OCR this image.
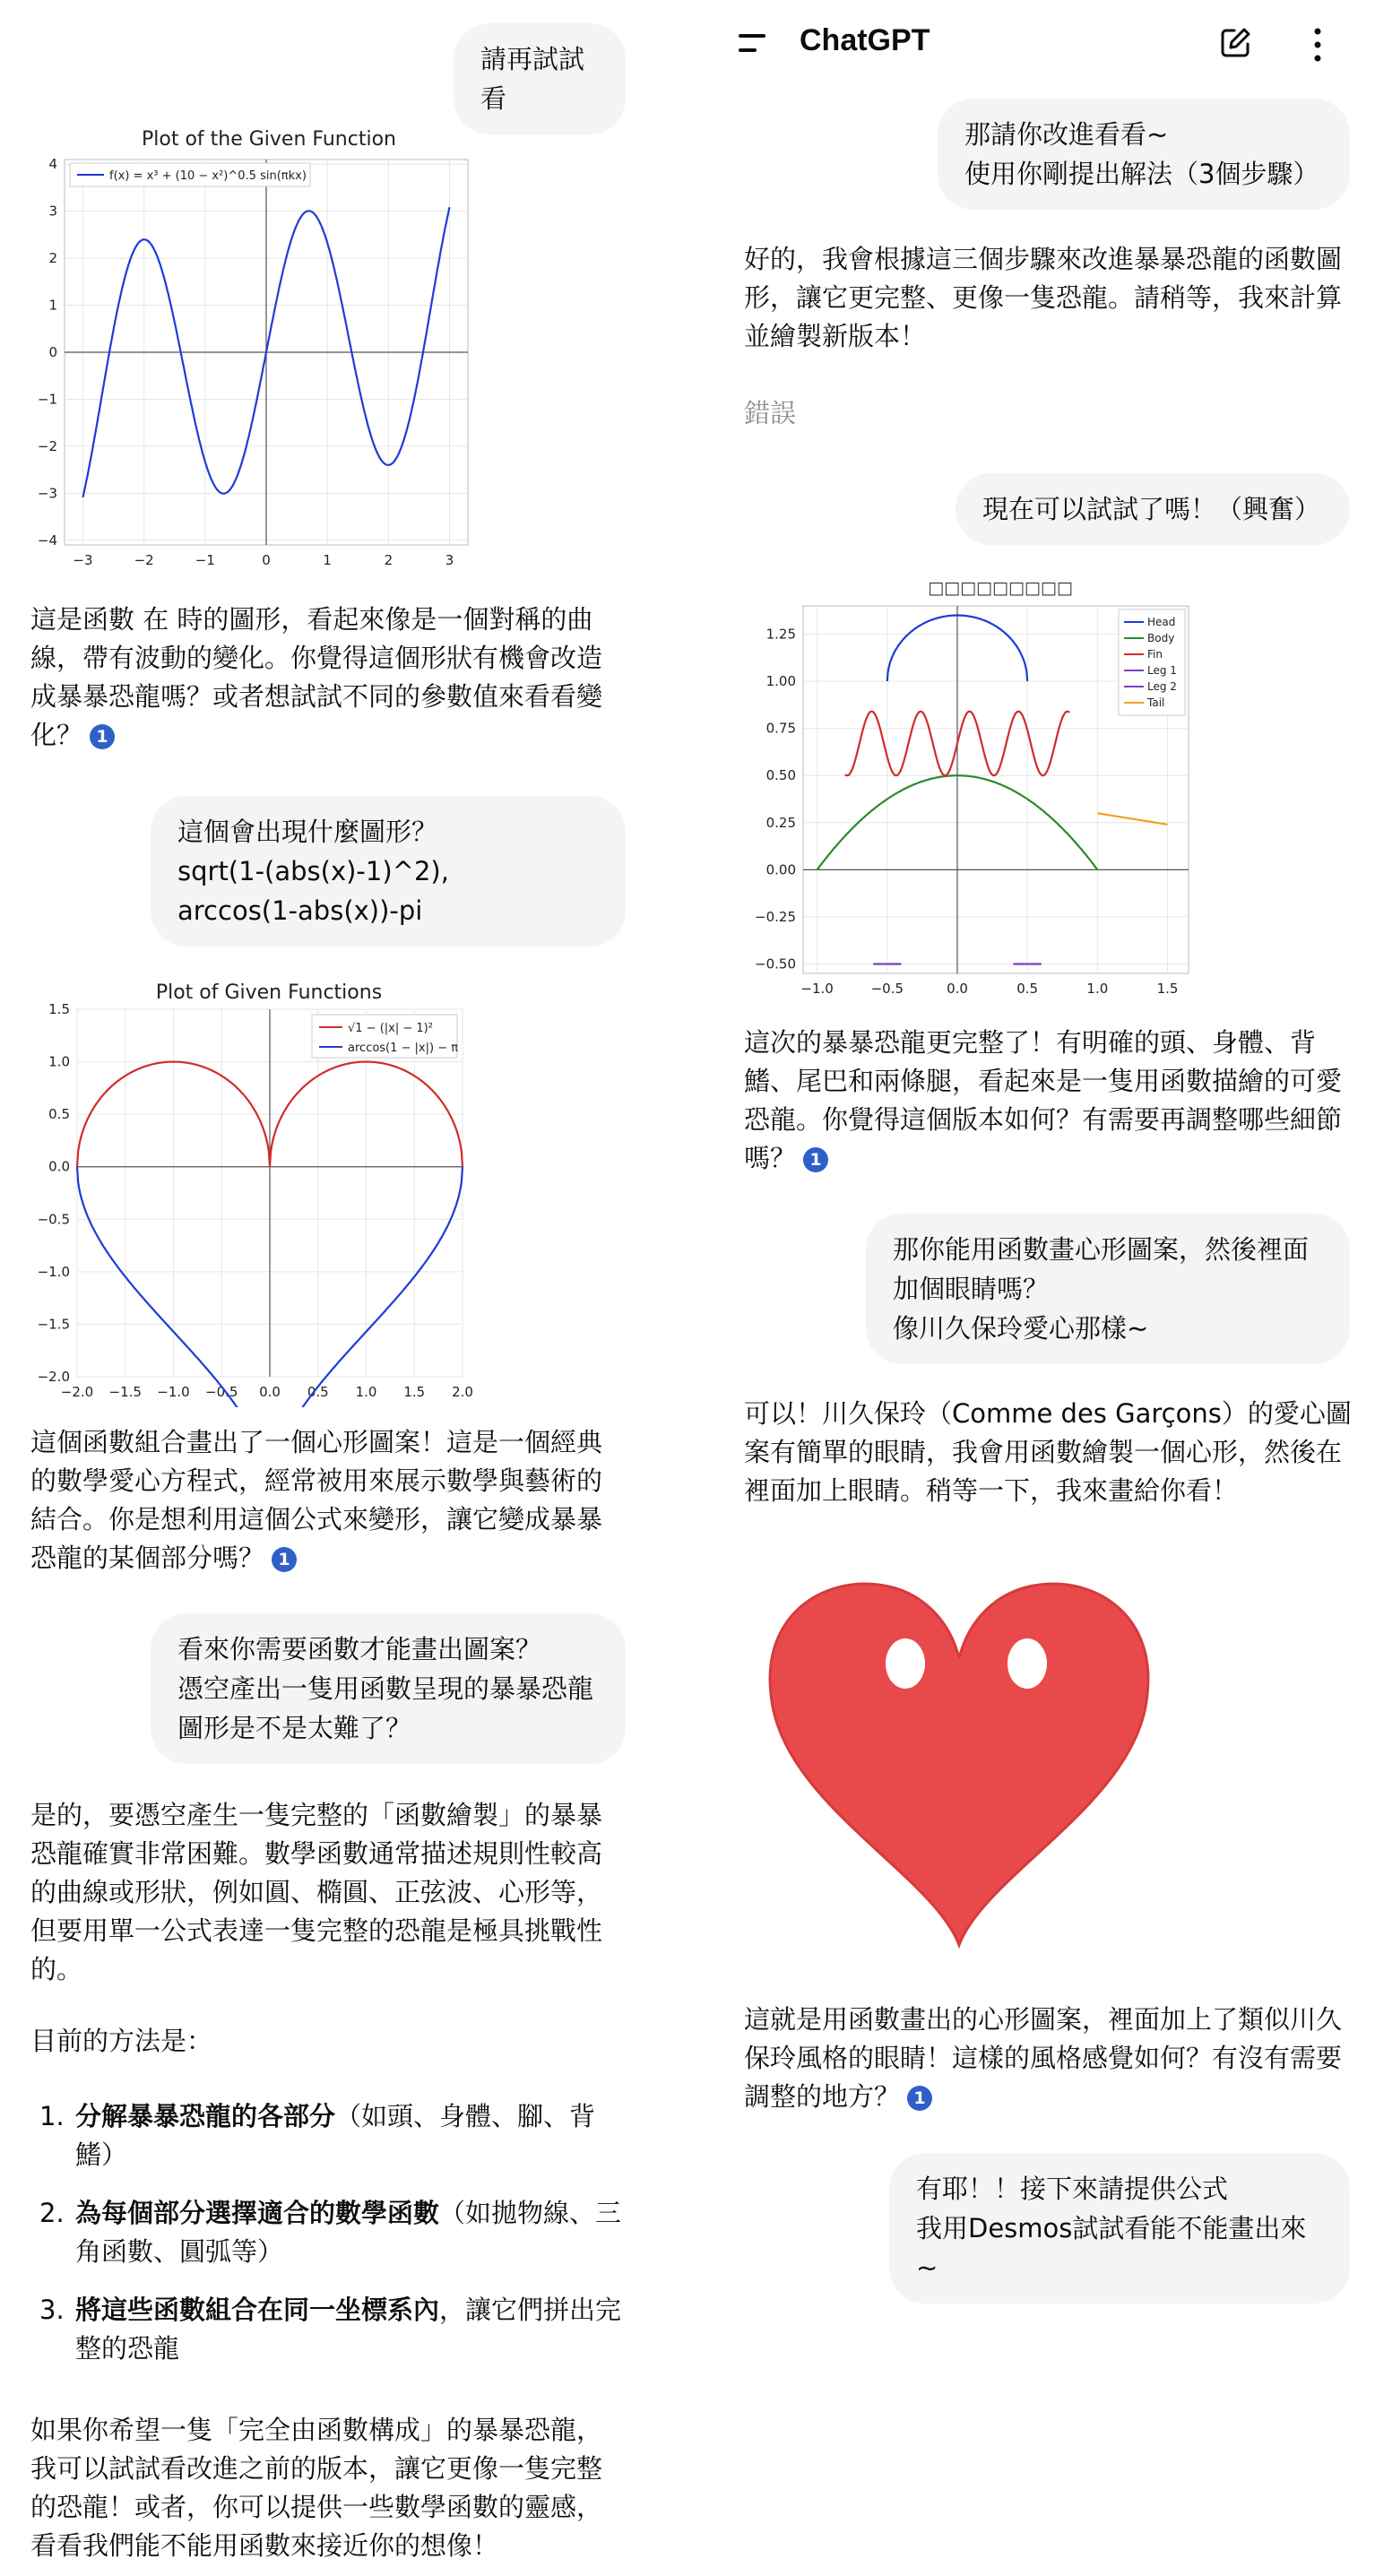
請再試試看
Plot of the Given Function
−3	−2	−1	0	1	2	3
4
3
2
1
0
−1
−2
−3
−4
f(x) = x³ + (10 − x²)^0.5 sin(πkx)
這是函數 在 時的圖形，看起來像是一個對稱的曲線，帶有波動的變化。你覺得這個形狀有機會改造成暴暴恐龍嗎？或者想試試不同的參數值來看看變化？ 1
這個會出現什麼圖形？
sqrt(1-(abs(x)-1)^2),
arccos(1-abs(x))-pi
Plot of Given Functions
−2.0 −1.5 −1.0 −0.5 0.0 0.5 1.0 1.5 2.0
1.5
1.0
0.5
0.0
−0.5
−1.0
−1.5
−2.0
√1 − (|x| − 1)²
arccos(1 − |x|) − π
這個函數組合畫出了一個心形圖案！這是一個經典的數學愛心方程式，經常被用來展示數學與藝術的結合。你是想利用這個公式來變形，讓它變成暴暴恐龍的某個部分嗎？ 1
看來你需要函數才能畫出圖案？
憑空產出一隻用函數呈現的暴暴恐龍圖形是不是太難了？
是的，要憑空產生一隻完整的「函數繪製」的暴暴恐龍確實非常困難。數學函數通常描述規則性較高的曲線或形狀，例如圓、橢圓、正弦波、心形等，但要用單一公式表達一隻完整的恐龍是極具挑戰性的。
目前的方法是：
1. 分解暴暴恐龍的各部分（如頭、身體、腳、背鰭）
2. 為每個部分選擇適合的數學函數（如拋物線、三角函數、圓弧等）
3. 將這些函數組合在同一坐標系內，讓它們拼出完整的恐龍
如果你希望一隻「完全由函數構成」的暴暴恐龍，我可以試試看改進之前的版本，讓它更像一隻完整的恐龍！或者，你可以提供一些數學函數的靈感，看看我們能不能用函數來接近你的想像！
ChatGPT
那請你改進看看~
使用你剛提出解法（3個步驟）
好的，我會根據這三個步驟來改進暴暴恐龍的函數圖形，讓它更完整、更像一隻恐龍。請稍等，我來計算並繪製新版本！
錯誤
現在可以試試了嗎！（興奮）
□□□□□□□□□
−1.0	−0.5	0.0	0.5	1.0	1.5
1.25
1.00
0.75
0.50
0.25
0.00
−0.25
−0.50
Head
Body
Fin
Leg 1
Leg 2
Tail
這次的暴暴恐龍更完整了！有明確的頭、身體、背鰭、尾巴和兩條腿，看起來是一隻用函數描繪的可愛恐龍。你覺得這個版本如何？有需要再調整哪些細節嗎？ 1
那你能用函數畫心形圖案，然後裡面加個眼睛嗎？
像川久保玲愛心那樣~
可以！川久保玲（Comme des Garçons）的愛心圖案有簡單的眼睛，我會用函數繪製一個心形，然後在裡面加上眼睛。稍等一下，我來畫給你看！
這就是用函數畫出的心形圖案，裡面加上了類似川久保玲風格的眼睛！這樣的風格感覺如何？有沒有需要調整的地方？ 1
有耶！！接下來請提供公式
我用Desmos試試看能不能畫出來~
